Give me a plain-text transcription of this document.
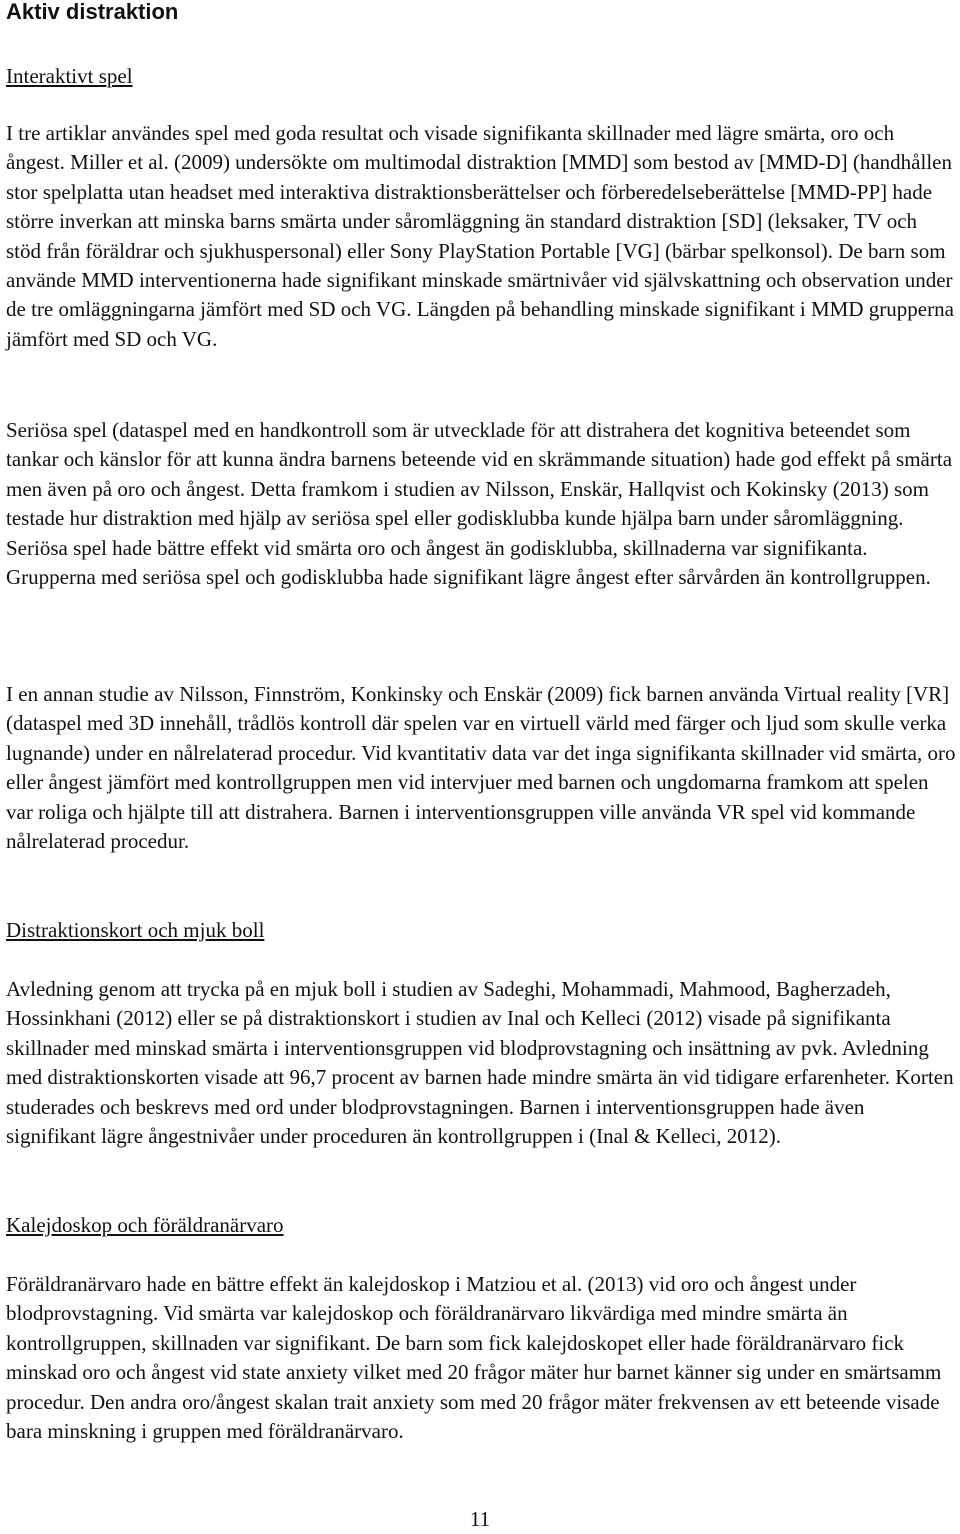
Aktiv distraktion
Interaktivt spel

I tre artiklar användes spel med goda resultat och visade signifikanta skillnader med lägre smärta, oro och ångest. Miller et al. (2009) undersökte om multimodal distraktion [MMD] som bestod av [MMD-D] (handhållen stor spelplatta utan headset med interaktiva distraktionsberättelser och förberedelseberättelse [MMD-PP] hade större inverkan att minska barns smärta under såromläggning än standard distraktion [SD] (leksaker, TV och stöd från föräldrar och sjukhuspersonal) eller Sony PlayStation Portable [VG] (bärbar spelkonsol). De barn som använde MMD interventionerna hade signifikant minskade smärtnivåer vid självskattning och observation under de tre omläggningarna jämfört med SD och VG. Längden på behandling minskade signifikant i MMD grupperna jämfört med SD och VG.

Seriösa spel (dataspel med en handkontroll som är utvecklade för att distrahera det kognitiva beteendet som tankar och känslor för att kunna ändra barnens beteende vid en skrämmande situation) hade god effekt på smärta men även på oro och ångest. Detta framkom i studien av Nilsson, Enskär, Hallqvist och Kokinsky (2013) som testade hur distraktion med hjälp av seriösa spel eller godisklubba kunde hjälpa barn under såromläggning. Seriösa spel hade bättre effekt vid smärta oro och ångest än godisklubba, skillnaderna var signifikanta. Grupperna med seriösa spel och godisklubba hade signifikant lägre ångest efter sårvården än kontrollgruppen.

I en annan studie av Nilsson, Finnström, Konkinsky och Enskär (2009) fick barnen använda Virtual reality [VR] (dataspel med 3D innehåll, trådlös kontroll där spelen var en virtuell värld med färger och ljud som skulle verka lugnande) under en nålrelaterad procedur. Vid kvantitativ data var det inga signifikanta skillnader vid smärta, oro eller ångest jämfört med kontrollgruppen men vid intervjuer med barnen och ungdomarna framkom att spelen var roliga och hjälpte till att distrahera. Barnen i interventionsgruppen ville använda VR spel vid kommande nålrelaterad procedur.

Distraktionskort och mjuk boll

Avledning genom att trycka på en mjuk boll i studien av Sadeghi, Mohammadi, Mahmood, Bagherzadeh, Hossinkhani (2012) eller se på distraktionskort i studien av Inal och Kelleci (2012) visade på signifikanta skillnader med minskad smärta i interventionsgruppen vid blodprovstagning och insättning av pvk. Avledning med distraktionskorten visade att 96,7 procent av barnen hade mindre smärta än vid tidigare erfarenheter. Korten studerades och beskrevs med ord under blodprovstagningen. Barnen i interventionsgruppen hade även signifikant lägre ångestnivåer under proceduren än kontrollgruppen i (Inal & Kelleci, 2012).

Kalejdoskop och föräldranärvaro

Föräldranärvaro hade en bättre effekt än kalejdoskop i Matziou et al. (2013) vid oro och ångest under blodprovstagning. Vid smärta var kalejdoskop och föräldranärvaro likvärdiga med mindre smärta än kontrollgruppen, skillnaden var signifikant. De barn som fick kalejdoskopet eller hade föräldranärvaro fick minskad oro och ångest vid state anxiety vilket med 20 frågor mäter hur barnet känner sig under en smärtsamm procedur. Den andra oro/ångest skalan trait anxiety som med 20 frågor mäter frekvensen av ett beteende visade bara minskning i gruppen med föräldranärvaro.

11
